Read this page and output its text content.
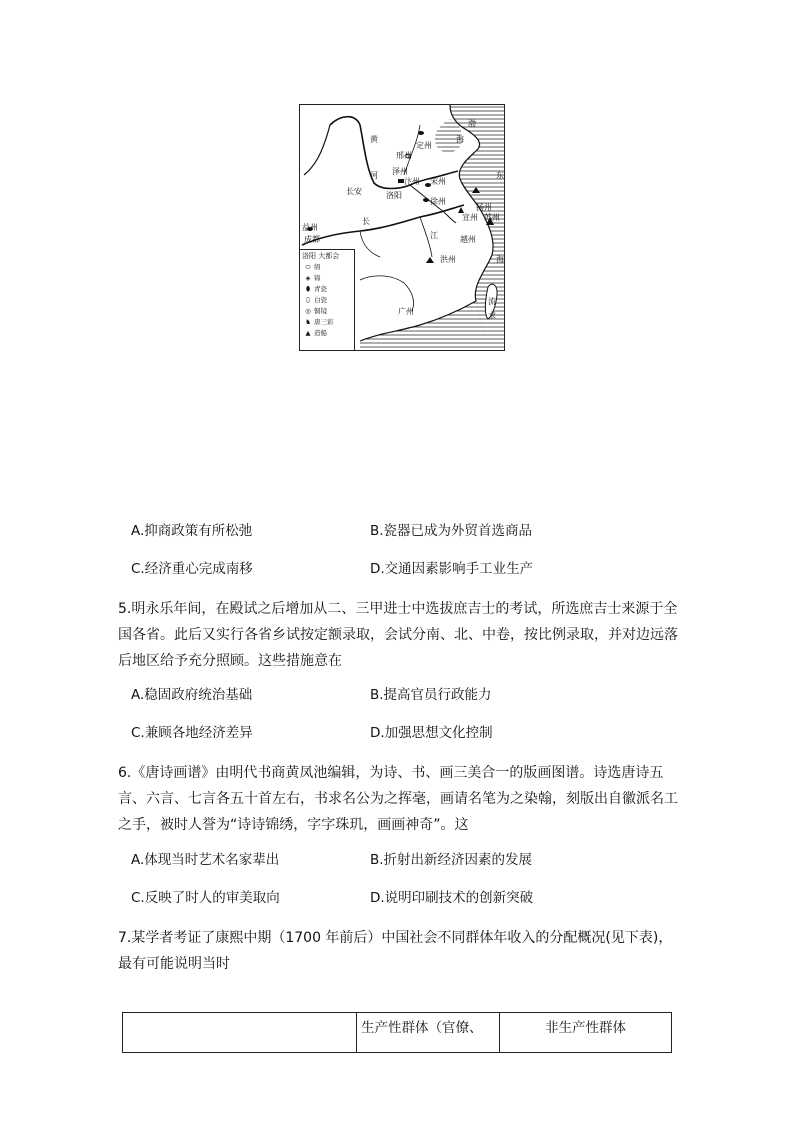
渤
海
东
海
黄
河
长
江
流
求
定州
邢州
泽州
长安	洛阳
汴州 宋州
徐州
扬州
宣州 苏州
越州
洪州
益州
成都
广州
洛阳 大都会
⬭ 绢
◈ 锦
⬮ 青瓷
⬯ 白瓷
◎ 铜镜
♞ 唐三彩
▲ 造船
A.抑商政策有所松弛	B.瓷器已成为外贸首选商品
C.经济重心完成南移	D.交通因素影响手工业生产
5.明永乐年间，在殿试之后增加从二、三甲进士中选拔庶吉士的考试，所选庶吉士来源于全国各省。此后又实行各省乡试按定额录取，会试分南、北、中卷，按比例录取，并对边远落后地区给予充分照顾。这些措施意在
A.稳固政府统治基础	B.提高官员行政能力
C.兼顾各地经济差异	D.加强思想文化控制
6.《唐诗画谱》由明代书商黄凤池编辑，为诗、书、画三美合一的版画图谱。诗选唐诗五言、六言、七言各五十首左右，书求名公为之挥毫，画请名笔为之染翰，刻版出自徽派名工之手，被时人誉为“诗诗锦绣，字字珠玑，画画神奇”。这
A.体现当时艺术名家辈出	B.折射出新经济因素的发展
C.反映了时人的审美取向	D.说明印刷技术的创新突破
7.某学者考证了康熙中期（1700 年前后）中国社会不同群体年收入的分配概况(见下表)，最有可能说明当时
	生产性群体（官僚、	非生产性群体
